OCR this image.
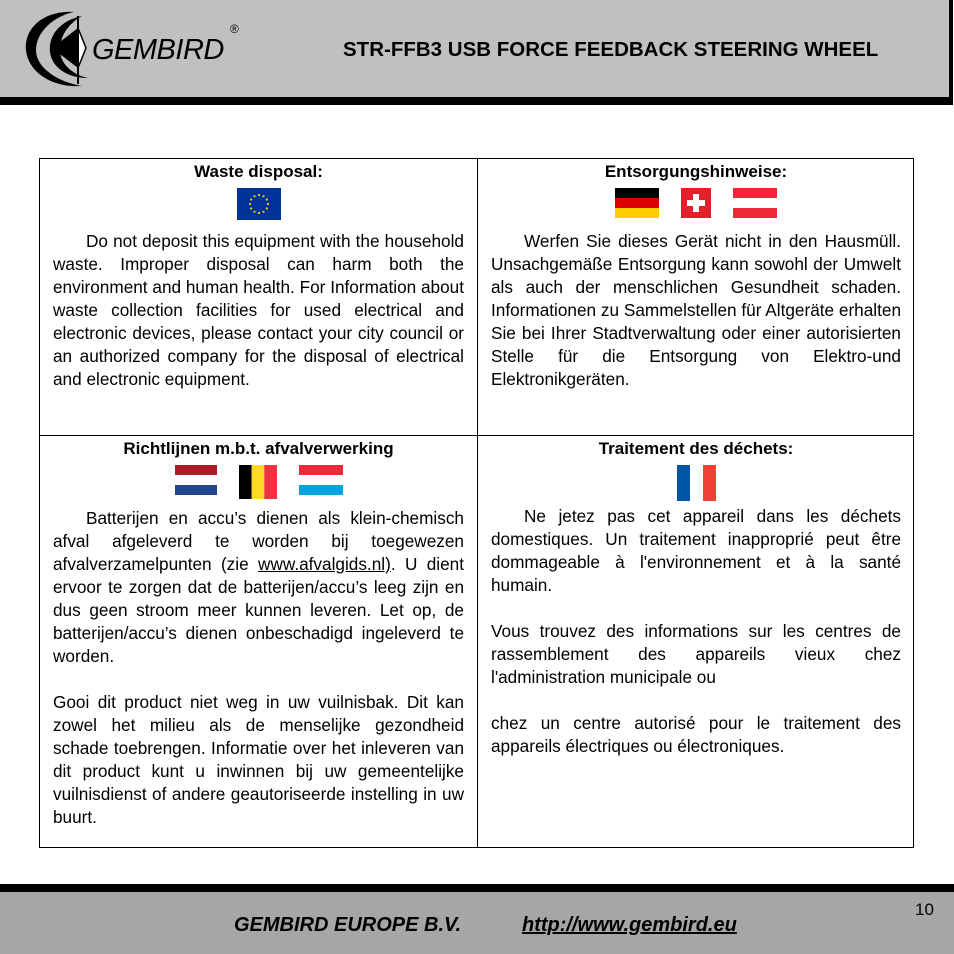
GEMBIRD
®
STR-FFB3 USB FORCE FEEDBACK STEERING WHEEL
Waste disposal:

Do not deposit this equipment with the household waste. Improper disposal can harm both the environment and human health. For Information about waste collection facilities for used electrical and electronic devices, please contact your city council or an authorized company for the disposal of electrical and electronic equipment.

Entsorgungshinweise:

Werfen Sie dieses Gerät nicht in den Hausmüll. Unsachgemäße Entsorgung kann sowohl der Umwelt als auch der menschlichen Gesundheit schaden. Informationen zu Sammelstellen für Altgeräte erhalten Sie bei Ihrer Stadtverwaltung oder einer autorisierten Stelle für die Entsorgung von Elektro-und Elektronikgeräten.

Richtlijnen m.b.t. afvalverwerking

Batterijen en accu’s dienen als klein-chemisch afval afgeleverd te worden bij toegewezen afvalverzamelpunten (zie www.afvalgids.nl). U dient ervoor te zorgen dat de batterijen/accu’s leeg zijn en dus geen stroom meer kunnen leveren. Let op, de batterijen/accu’s dienen onbeschadigd ingeleverd te worden.

Gooi dit product niet weg in uw vuilnisbak. Dit kan zowel het milieu als de menselijke gezondheid schade toebrengen. Informatie over het inleveren van dit product kunt u inwinnen bij uw gemeentelijke vuilnisdienst of andere geautoriseerde instelling in uw buurt.

Traitement des déchets:

Ne jetez pas cet appareil dans les déchets domestiques. Un traitement inapproprié peut être dommageable à l'environnement et à la santé humain.

Vous trouvez des informations sur les centres de rassemblement des appareils vieux chez l'administration municipale ou

chez un centre autorisé pour le traitement des appareils électriques ou électroniques.

GEMBIRD EUROPE B.V.	http://www.gembird.eu
10
